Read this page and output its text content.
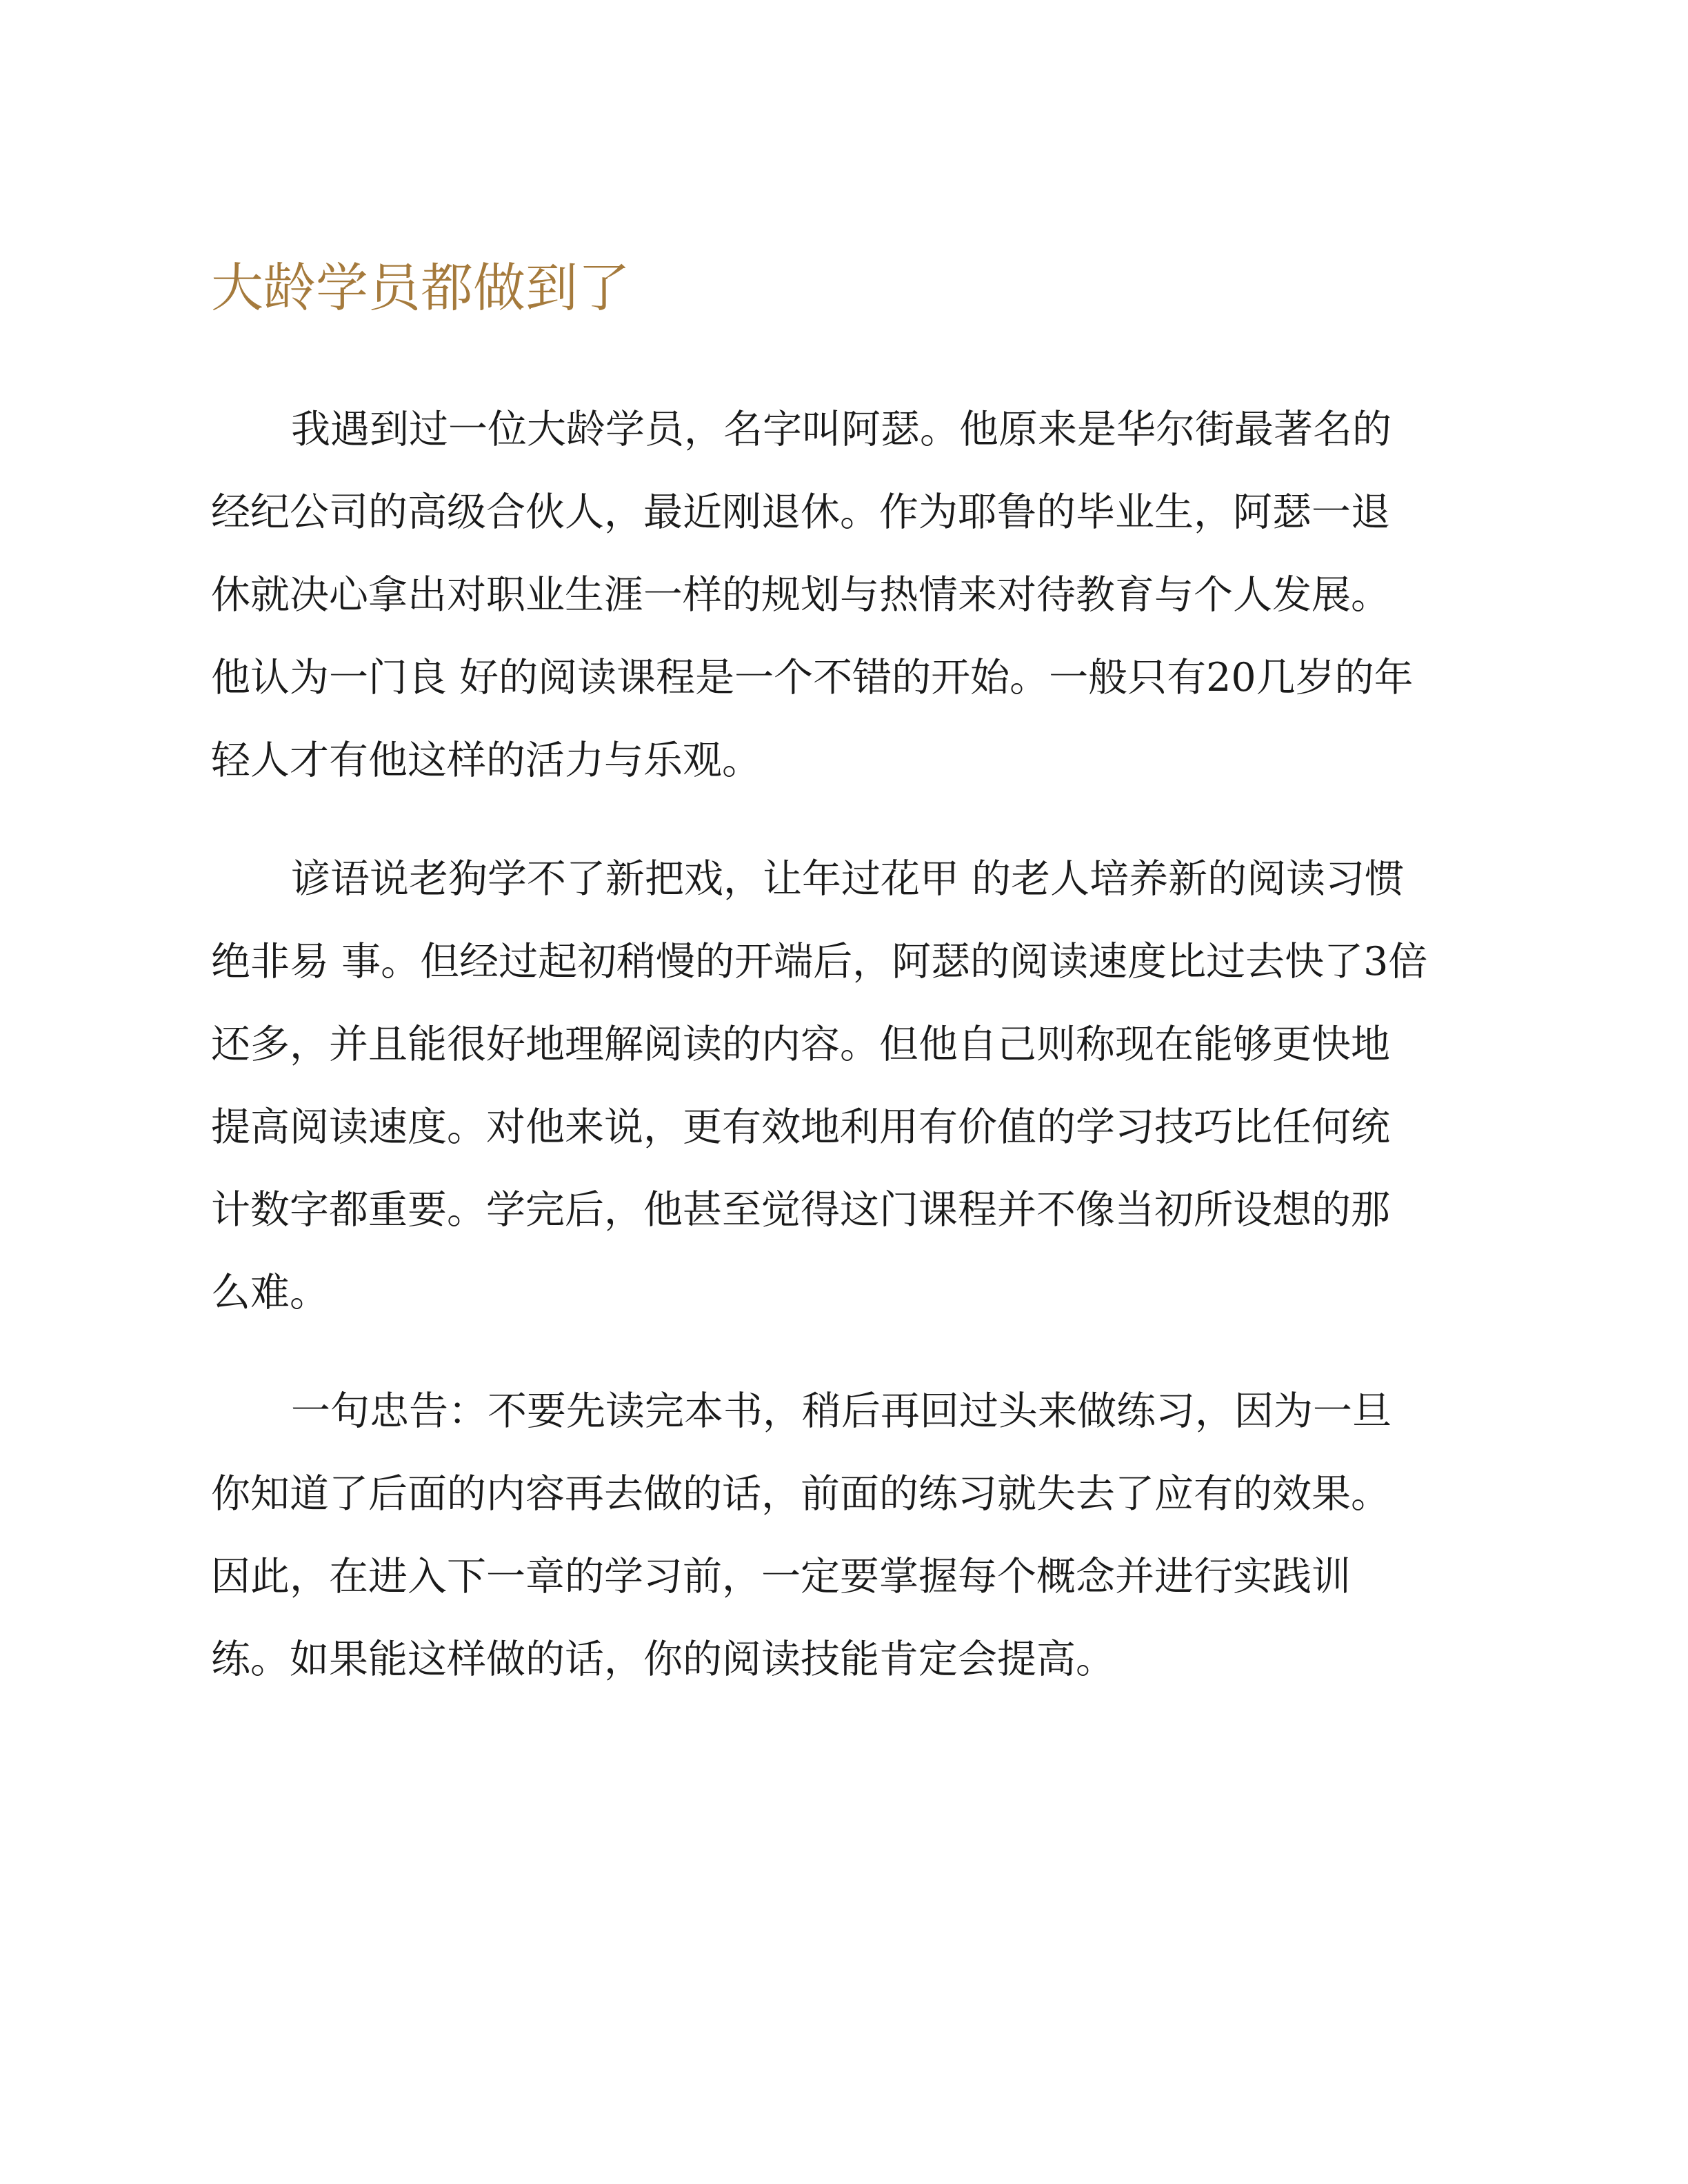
大龄学员都做到了

我遇到过一位大龄学员，名字叫阿瑟。他原来是华尔街最著名的

经纪公司的高级合伙人，最近刚退休。作为耶鲁的毕业生，阿瑟一退

休就决心拿出对职业生涯一样的规划与热情来对待教育与个人发展。

他认为一门良 好的阅读课程是一个不错的开始。一般只有20几岁的年

轻人才有他这样的活力与乐观。

谚语说老狗学不了新把戏，让年过花甲 的老人培养新的阅读习惯

绝非易 事。但经过起初稍慢的开端后，阿瑟的阅读速度比过去快了3倍

还多，并且能很好地理解阅读的内容。但他自己则称现在能够更快地

提高阅读速度。对他来说，更有效地利用有价值的学习技巧比任何统

计数字都重要。学完后，他甚至觉得这门课程并不像当初所设想的那

么难。

一句忠告：不要先读完本书，稍后再回过头来做练习，因为一旦

你知道了后面的内容再去做的话，前面的练习就失去了应有的效果。

因此，在进入下一章的学习前，一定要掌握每个概念并进行实践训

练。如果能这样做的话，你的阅读技能肯定会提高。
